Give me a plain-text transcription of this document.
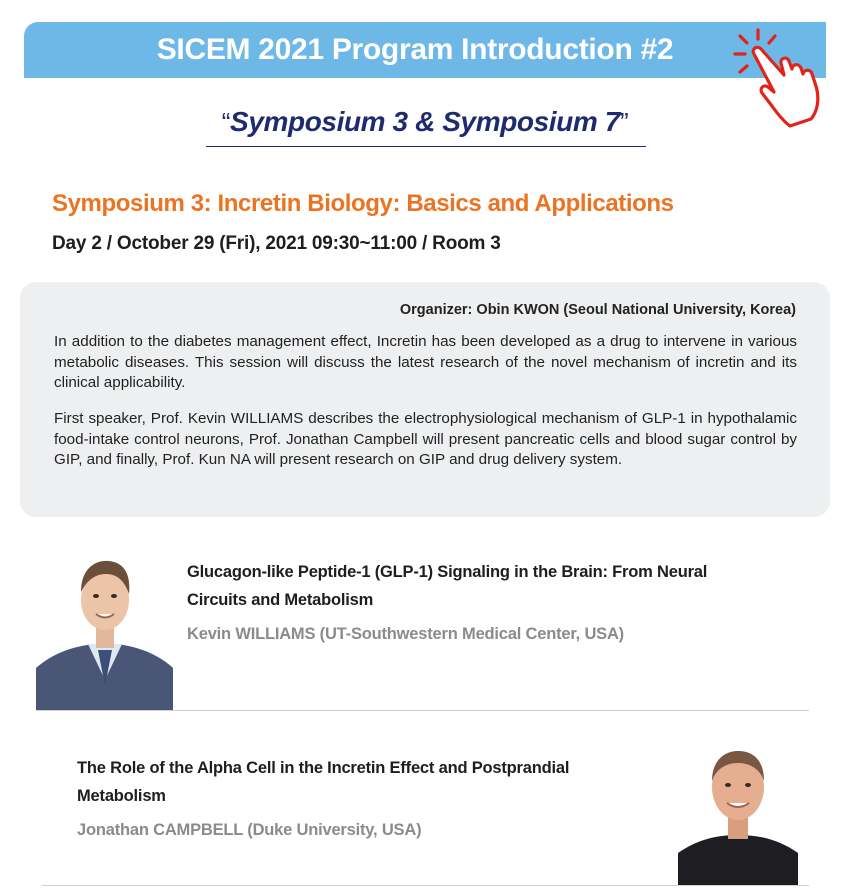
SICEM 2021 Program Introduction #2
“Symposium 3 & Symposium 7”
Symposium 3: Incretin Biology: Basics and Applications
Day 2 / October 29 (Fri), 2021 09:30~11:00 / Room 3
Organizer: Obin KWON (Seoul National University, Korea)
In addition to the diabetes management effect, Incretin has been developed as a drug to intervene in various metabolic diseases. This session will discuss the latest research of the novel mechanism of incretin and its clinical applicability.
First speaker, Prof. Kevin WILLIAMS describes the electrophysiological mechanism of GLP-1 in hypothalamic food-intake control neurons, Prof. Jonathan Campbell will present pancreatic cells and blood sugar control by GIP, and finally, Prof. Kun NA will present research on GIP and drug delivery system.
Glucagon-like Peptide-1 (GLP-1) Signaling in the Brain: From Neural Circuits and Metabolism
Kevin WILLIAMS (UT-Southwestern Medical Center, USA)
The Role of the Alpha Cell in the Incretin Effect and Postprandial Metabolism
Jonathan CAMPBELL (Duke University, USA)
